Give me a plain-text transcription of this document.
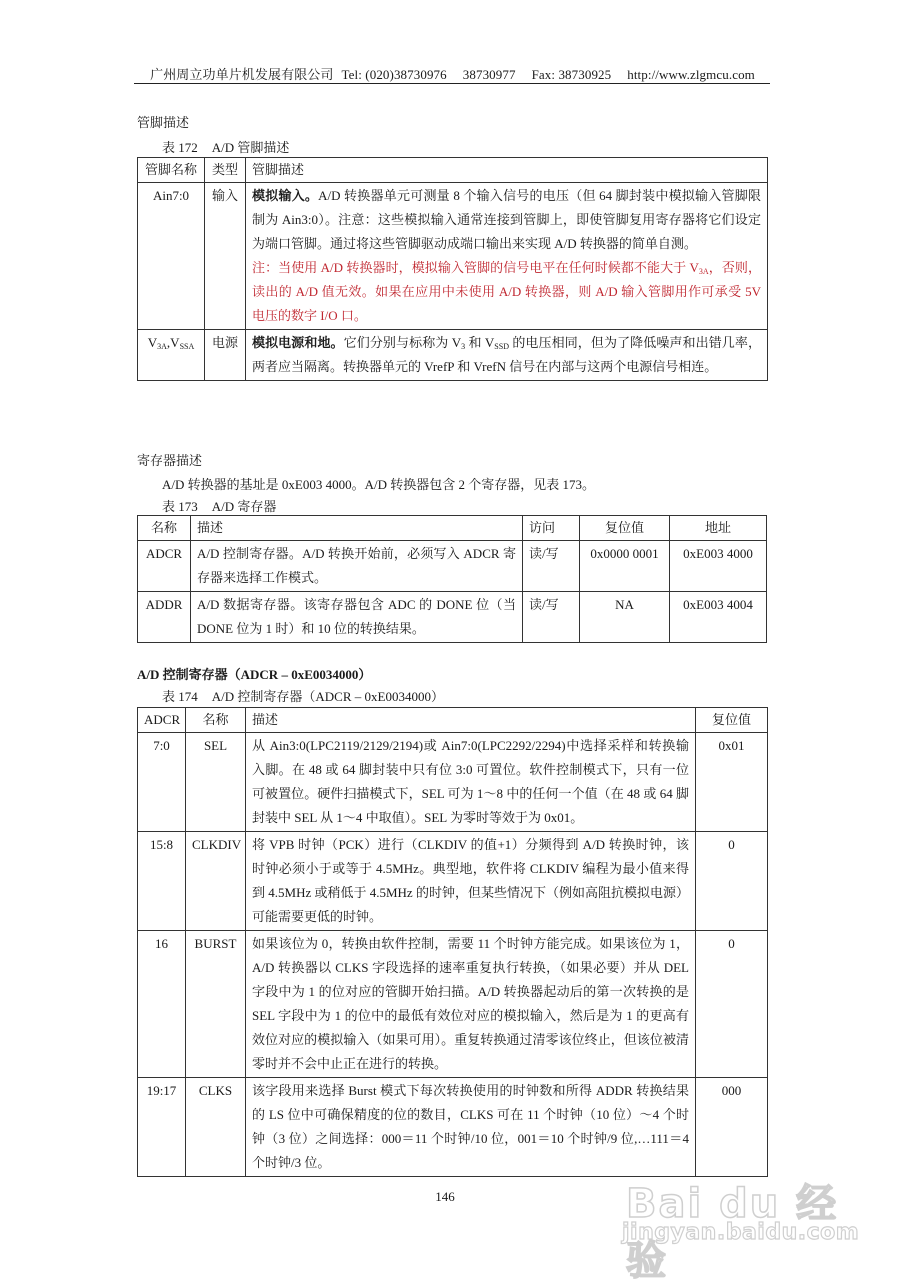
广州周立功单片机发展有限公司 Tel: (020)38730976 38730977 Fax: 38730925 http://www.zlgmcu.com
管脚描述
表 172 A/D 管脚描述
管脚名称	类型	管脚描述
Ain7:0	输入	模拟输入。A/D 转换器单元可测量 8 个输入信号的电压（但 64 脚封装中模拟输入管脚限制为 Ain3:0）。注意：这些模拟输入通常连接到管脚上，即使管脚复用寄存器将它们设定为端口管脚。通过将这些管脚驱动成端口输出来实现 A/D 转换器的简单自测。
注：当使用 A/D 转换器时，模拟输入管脚的信号电平在任何时候都不能大于 $V_{3A}$，否则，读出的 A/D 值无效。如果在应用中未使用 A/D 转换器，则 A/D 输入管脚用作可承受 5V 电压的数字 I/O 口。
$V_{3A},V_{SSA}$	电源	模拟电源和地。它们分别与标称为 $V_3$ 和 $V_{SSD}$ 的电压相同，但为了降低噪声和出错几率，两者应当隔离。转换器单元的 VrefP 和 VrefN 信号在内部与这两个电源信号相连。
寄存器描述
A/D 转换器的基址是 0xE003 4000。A/D 转换器包含 2 个寄存器，见表 173。
表 173 A/D 寄存器
名称	描述	访问	复位值	地址
ADCR	A/D 控制寄存器。A/D 转换开始前，必须写入 ADCR 寄存器来选择工作模式。	读/写	0x0000 0001	0xE003 4000
ADDR	A/D 数据寄存器。该寄存器包含 ADC 的 DONE 位（当 DONE 位为 1 时）和 10 位的转换结果。	读/写	NA	0xE003 4004
A/D 控制寄存器（ADCR – 0xE0034000）
表 174 A/D 控制寄存器（ADCR – 0xE0034000）
ADCR	名称	描述	复位值
7:0	SEL	从 Ain3:0(LPC2119/2129/2194)或 Ain7:0(LPC2292/2294)中选择采样和转换输入脚。在 48 或 64 脚封装中只有位 3:0 可置位。软件控制模式下，只有一位可被置位。硬件扫描模式下，SEL 可为 1～8 中的任何一个值（在 48 或 64 脚封装中 SEL 从 1～4 中取值）。SEL 为零时等效于为 0x01。	0x01
15:8	CLKDIV	将 VPB 时钟（PCK）进行（CLKDIV 的值+1）分频得到 A/D 转换时钟，该时钟必须小于或等于 4.5MHz。典型地，软件将 CLKDIV 编程为最小值来得到 4.5MHz 或稍低于 4.5MHz 的时钟，但某些情况下（例如高阻抗模拟电源）可能需要更低的时钟。	0
16	BURST	如果该位为 0，转换由软件控制，需要 11 个时钟方能完成。如果该位为 1，A/D 转换器以 CLKS 字段选择的速率重复执行转换，（如果必要）并从 DEL 字段中为 1 的位对应的管脚开始扫描。A/D 转换器起动后的第一次转换的是 SEL 字段中为 1 的位中的最低有效位对应的模拟输入，然后是为 1 的更高有效位对应的模拟输入（如果可用）。重复转换通过清零该位终止，但该位被清零时并不会中止正在进行的转换。	0
19:17	CLKS	该字段用来选择 Burst 模式下每次转换使用的时钟数和所得 ADDR 转换结果的 LS 位中可确保精度的位的数目，CLKS 可在 11 个时钟（10 位）～4 个时钟（3 位）之间选择：000＝11 个时钟/10 位，001＝10 个时钟/9 位,…111＝4 个时钟/3 位。	000
146	Bai du 经验
jingyan.baidu.com
